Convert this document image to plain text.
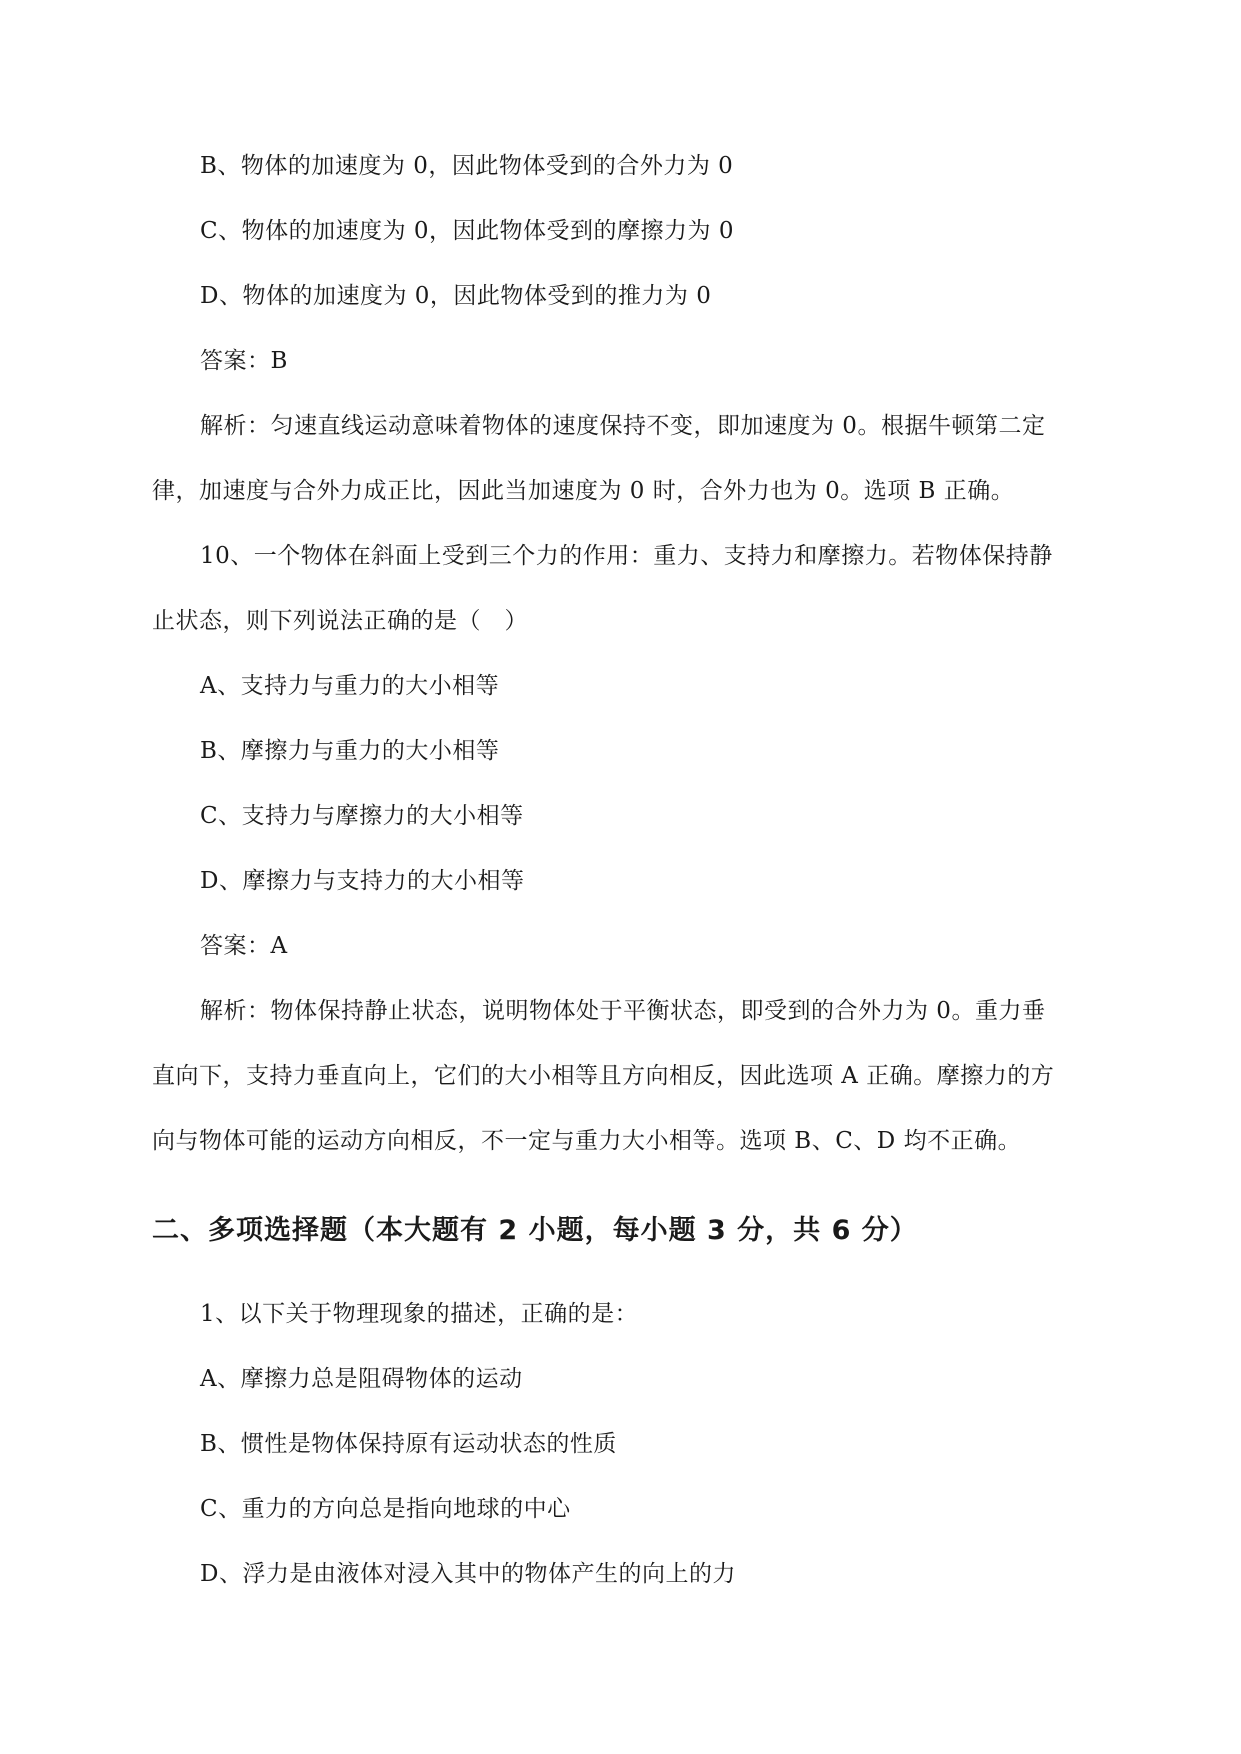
B、物体的加速度为 0，因此物体受到的合外力为 0
C、物体的加速度为 0，因此物体受到的摩擦力为 0
D、物体的加速度为 0，因此物体受到的推力为 0
答案：B
解析：匀速直线运动意味着物体的速度保持不变，即加速度为 0。根据牛顿第二定
律，加速度与合外力成正比，因此当加速度为 0 时，合外力也为 0。选项 B 正确。
10、一个物体在斜面上受到三个力的作用：重力、支持力和摩擦力。若物体保持静
止状态，则下列说法正确的是（　）
A、支持力与重力的大小相等
B、摩擦力与重力的大小相等
C、支持力与摩擦力的大小相等
D、摩擦力与支持力的大小相等
答案：A
解析：物体保持静止状态，说明物体处于平衡状态，即受到的合外力为 0。重力垂
直向下，支持力垂直向上，它们的大小相等且方向相反，因此选项 A 正确。摩擦力的方
向与物体可能的运动方向相反，不一定与重力大小相等。选项 B、C、D 均不正确。
二、多项选择题（本大题有 2 小题，每小题 3 分，共 6 分）
1、以下关于物理现象的描述，正确的是：
A、摩擦力总是阻碍物体的运动
B、惯性是物体保持原有运动状态的性质
C、重力的方向总是指向地球的中心
D、浮力是由液体对浸入其中的物体产生的向上的力
